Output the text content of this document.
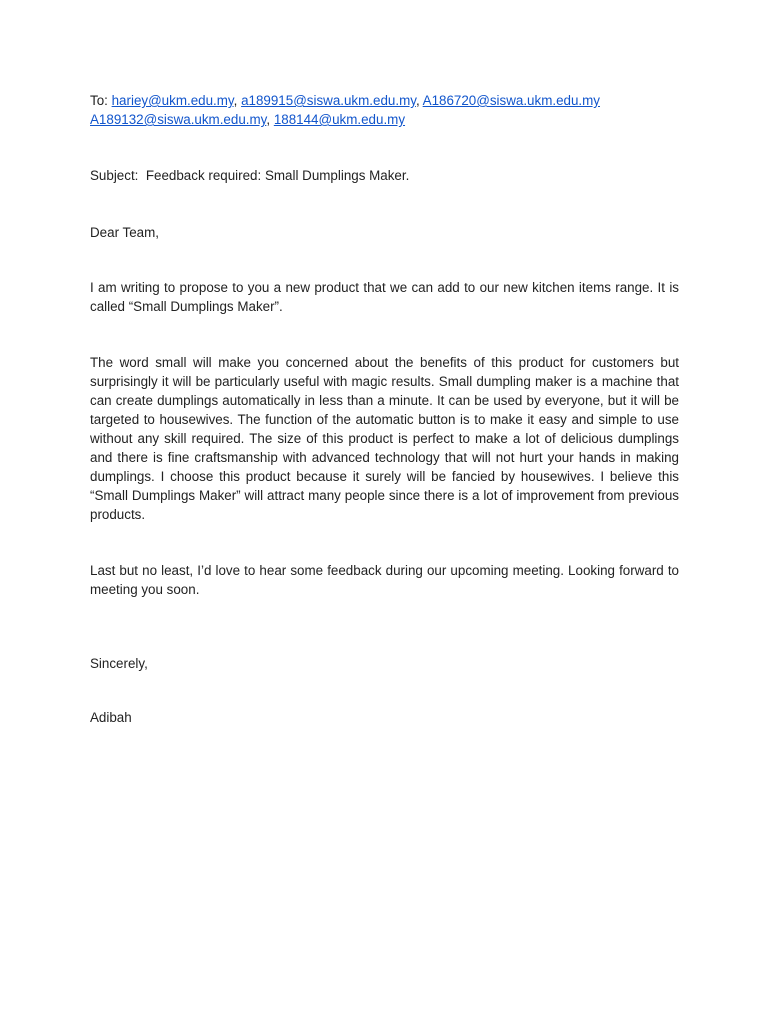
To: hariey@ukm.edu.my, a189915@siswa.ukm.edu.my, A186720@siswa.ukm.edu.my

A189132@siswa.ukm.edu.my, 188144@ukm.edu.my

Subject: Feedback required: Small Dumplings Maker.

Dear Team,

I am writing to propose to you a new product that we can add to our new kitchen items range. It is called “Small Dumplings Maker”.

The word small will make you concerned about the benefits of this product for customers but surprisingly it will be particularly useful with magic results. Small dumpling maker is a machine that can create dumplings automatically in less than a minute. It can be used by everyone, but it will be targeted to housewives. The function of the automatic button is to make it easy and simple to use without any skill required. The size of this product is perfect to make a lot of delicious dumplings and there is fine craftsmanship with advanced technology that will not hurt your hands in making dumplings. I choose this product because it surely will be fancied by housewives. I believe this “Small Dumplings Maker” will attract many people since there is a lot of improvement from previous products.

Last but no least, I’d love to hear some feedback during our upcoming meeting. Looking forward to meeting you soon.

Sincerely,

Adibah
